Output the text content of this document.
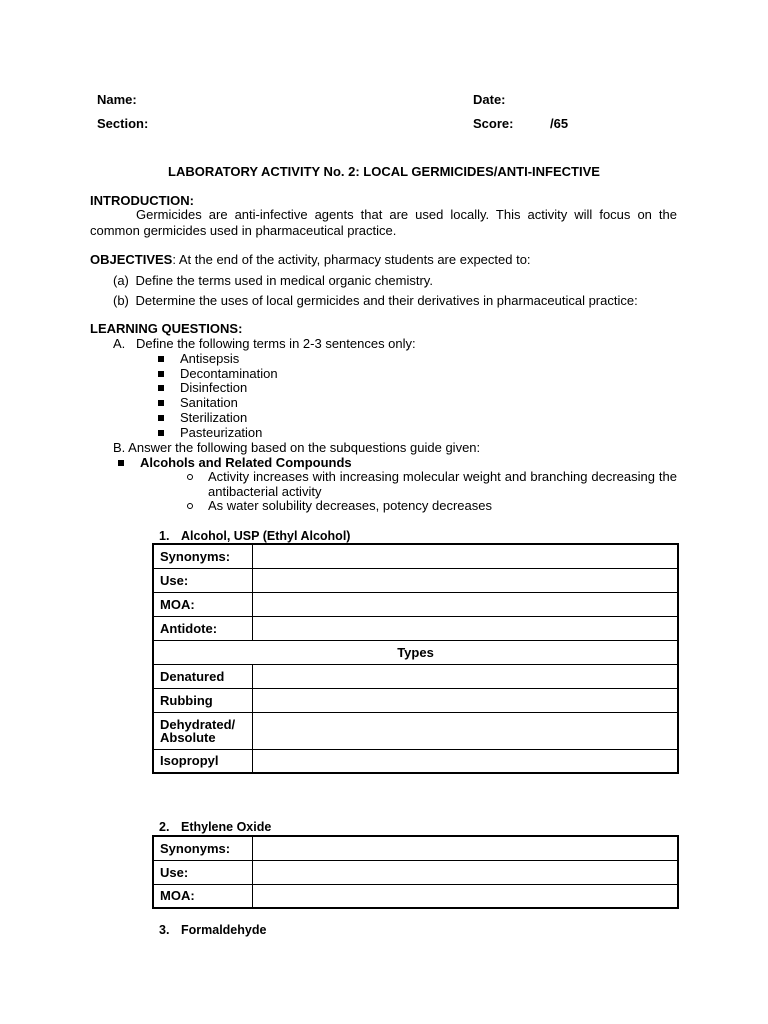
Name:	Date:
Section:	Score:	/65
LABORATORY ACTIVITY No. 2: LOCAL GERMICIDES/ANTI-INFECTIVE
INTRODUCTION:
Germicides are anti-infective agents that are used locally. This activity will focus on the common germicides used in pharmaceutical practice.
OBJECTIVES: At the end of the activity, pharmacy students are expected to:
(a) Define the terms used in medical organic chemistry.
(b) Determine the uses of local germicides and their derivatives in pharmaceutical practice:
LEARNING QUESTIONS:
A. Define the following terms in 2-3 sentences only:
Antisepsis
Decontamination
Disinfection
Sanitation
Sterilization
Pasteurization
B. Answer the following based on the subquestions guide given:
Alcohols and Related Compounds
Activity increases with increasing molecular weight and branching decreasing the antibacterial activity
As water solubility decreases, potency decreases
1. Alcohol, USP (Ethyl Alcohol)
Synonyms:	
Use:	
MOA:	
Antidote:	
Types	
Denatured	
Rubbing	
Dehydrated/
Absolute	
Isopropyl	
2. Ethylene Oxide
Synonyms:	
Use:	
MOA:	
3. Formaldehyde
